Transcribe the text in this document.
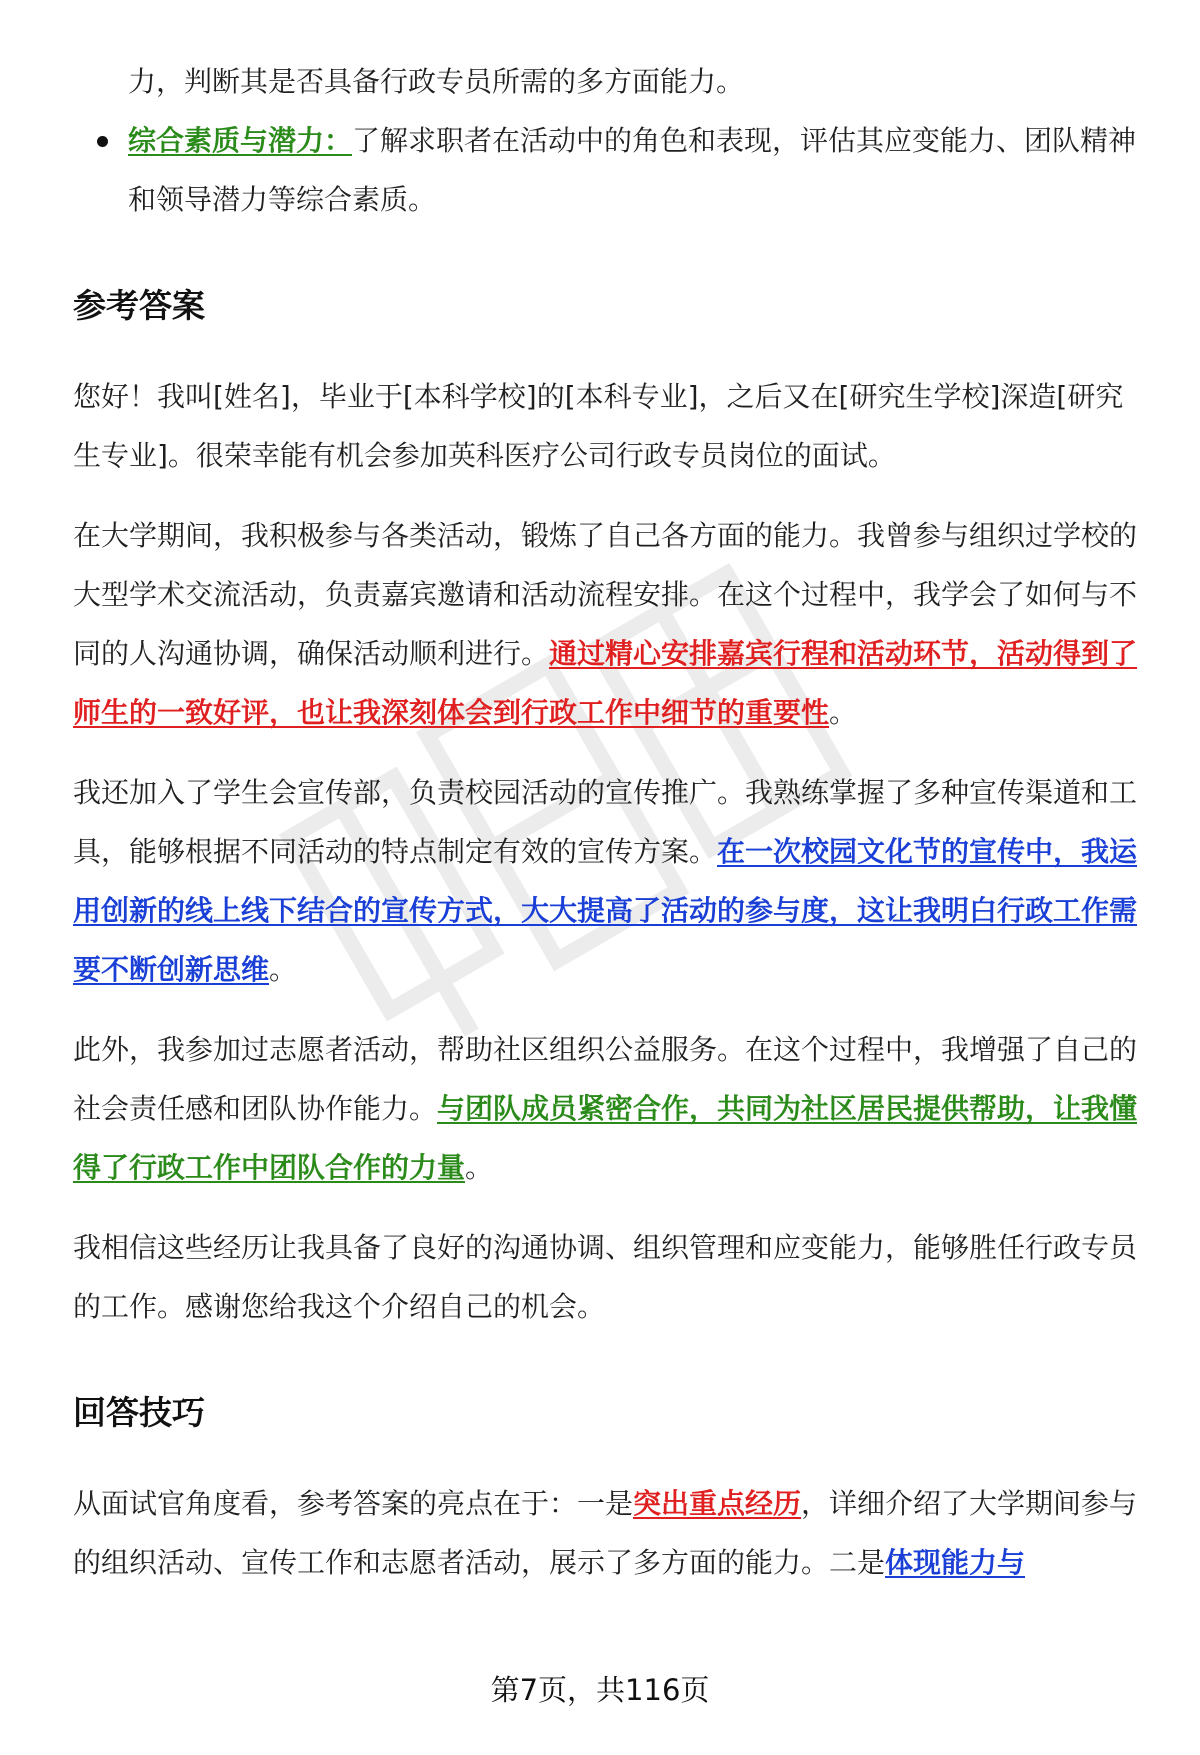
力，判断其是否具备行政专员所需的多方面能力。
综合素质与潜力：了解求职者在活动中的角色和表现，评估其应变能力、团队精神和领导潜力等综合素质。
参考答案

您好！我叫[姓名]，毕业于[本科学校]的[本科专业]，之后又在[研究生学校]深造[研究生专业]。很荣幸能有机会参加英科医疗公司行政专员岗位的面试。

在大学期间，我积极参与各类活动，锻炼了自己各方面的能力。我曾参与组织过学校的大型学术交流活动，负责嘉宾邀请和活动流程安排。在这个过程中，我学会了如何与不同的人沟通协调，确保活动顺利进行。通过精心安排嘉宾行程和活动环节，活动得到了师生的一致好评，也让我深刻体会到行政工作中细节的重要性。

我还加入了学生会宣传部，负责校园活动的宣传推广。我熟练掌握了多种宣传渠道和工具，能够根据不同活动的特点制定有效的宣传方案。在一次校园文化节的宣传中，我运用创新的线上线下结合的宣传方式，大大提高了活动的参与度，这让我明白行政工作需要不断创新思维。

此外，我参加过志愿者活动，帮助社区组织公益服务。在这个过程中，我增强了自己的社会责任感和团队协作能力。与团队成员紧密合作，共同为社区居民提供帮助，让我懂得了行政工作中团队合作的力量。

我相信这些经历让我具备了良好的沟通协调、组织管理和应变能力，能够胜任行政专员的工作。感谢您给我这个介绍自己的机会。

回答技巧

从面试官角度看，参考答案的亮点在于：一是突出重点经历，详细介绍了大学期间参与的组织活动、宣传工作和志愿者活动，展示了多方面的能力。二是体现能力与

第7页，共116页
